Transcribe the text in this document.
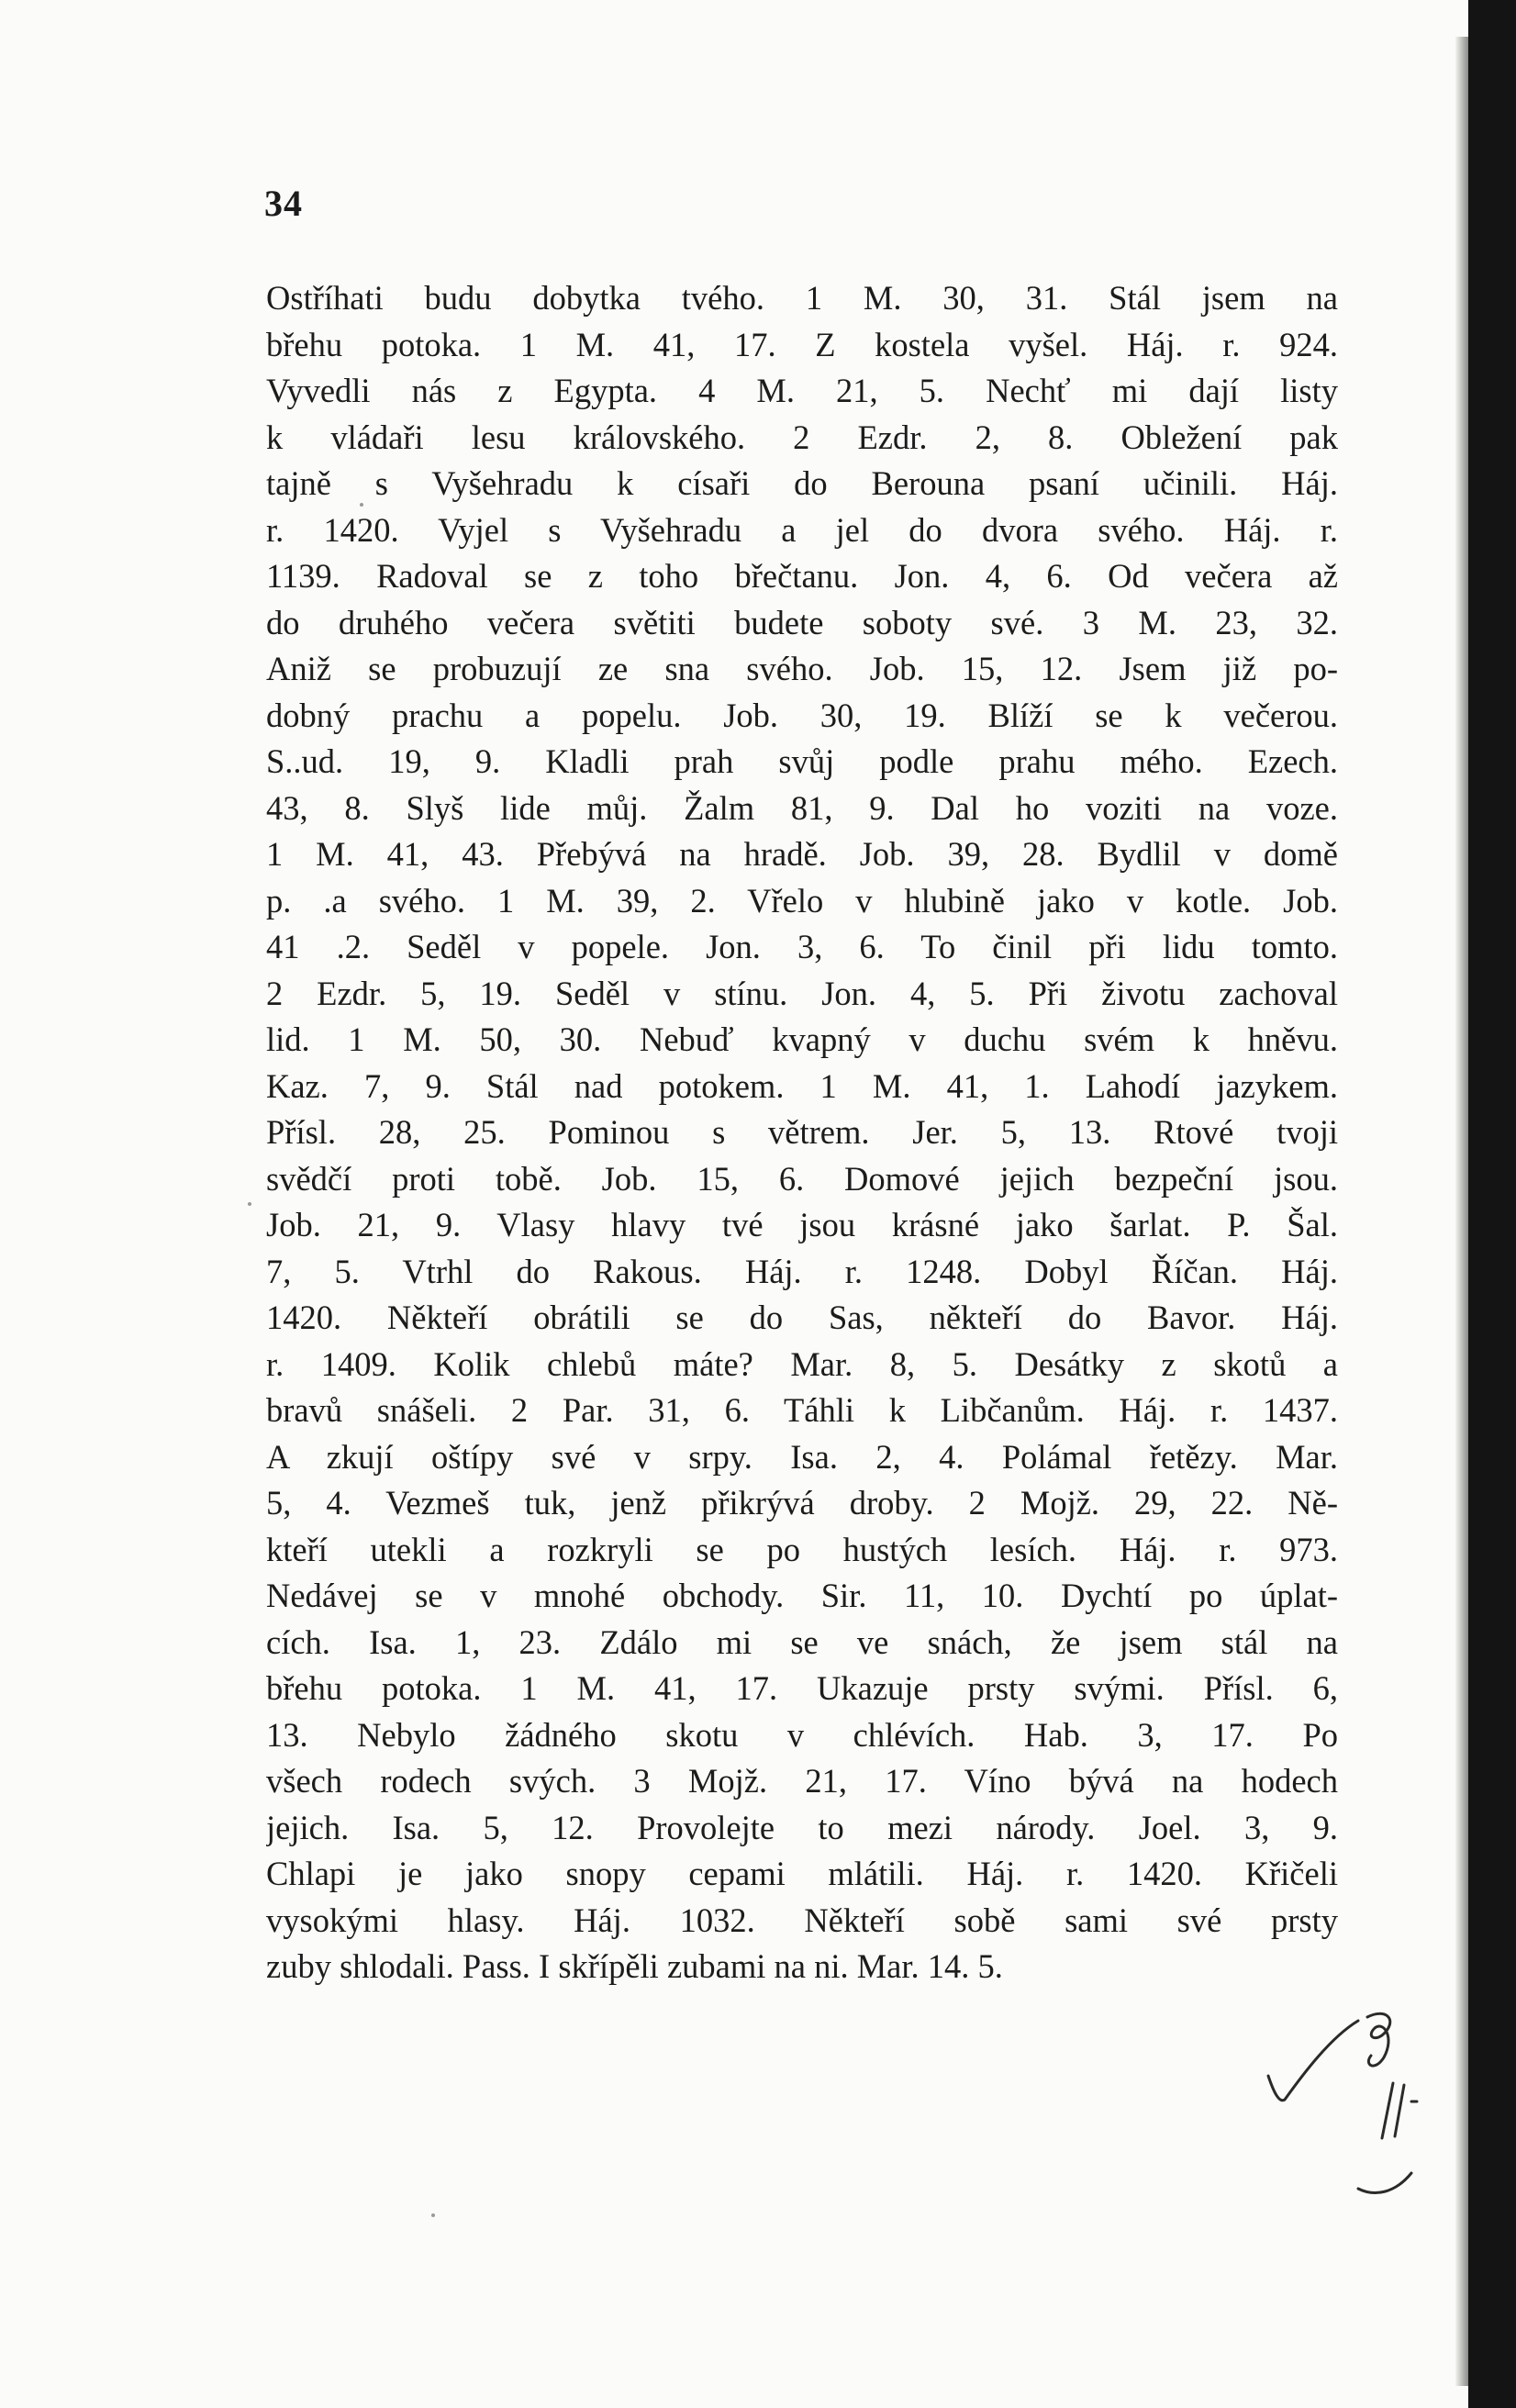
34
Ostříhati budu dobytka tvého. 1 M. 30, 31. Stál jsem na
břehu potoka. 1 M. 41, 17. Z kostela vyšel. Háj. r. 924.
Vyvedli nás z Egypta. 4 M. 21, 5. Nechť mi dají listy
k vládaři lesu královského. 2 Ezdr. 2, 8. Obležení pak
tajně s Vyšehradu k císaři do Berouna psaní učinili. Háj.
r. 1420. Vyjel s Vyšehradu a jel do dvora svého. Háj. r.
1139. Radoval se z toho břečtanu. Jon. 4, 6. Od večera až
do druhého večera světiti budete soboty své. 3 M. 23, 32.
Aniž se probuzují ze sna svého. Job. 15, 12. Jsem již po-
dobný prachu a popelu. Job. 30, 19. Blíží se k večerou.
S..ud. 19, 9. Kladli prah svůj podle prahu mého. Ezech.
43, 8. Slyš lide můj. Žalm 81, 9. Dal ho voziti na voze.
1 M. 41, 43. Přebývá na hradě. Job. 39, 28. Bydlil v domě
p. .a svého. 1 M. 39, 2. Vřelo v hlubině jako v kotle. Job.
41 .2. Seděl v popele. Jon. 3, 6. To činil při lidu tomto.
2 Ezdr. 5, 19. Seděl v stínu. Jon. 4, 5. Při životu zachoval
lid. 1 M. 50, 30. Nebuď kvapný v duchu svém k hněvu.
Kaz. 7, 9. Stál nad potokem. 1 M. 41, 1. Lahodí jazykem.
Přísl. 28, 25. Pominou s větrem. Jer. 5, 13. Rtové tvoji
svědčí proti tobě. Job. 15, 6. Domové jejich bezpeční jsou.
Job. 21, 9. Vlasy hlavy tvé jsou krásné jako šarlat. P. Šal.
7, 5. Vtrhl do Rakous. Háj. r. 1248. Dobyl Říčan. Háj.
1420. Někteří obrátili se do Sas, někteří do Bavor. Háj.
r. 1409. Kolik chlebů máte? Mar. 8, 5. Desátky z skotů a
bravů snášeli. 2 Par. 31, 6. Táhli k Libčanům. Háj. r. 1437.
A zkují oštípy své v srpy. Isa. 2, 4. Polámal řetězy. Mar.
5, 4. Vezmeš tuk, jenž přikrývá droby. 2 Mojž. 29, 22. Ně-
kteří utekli a rozkryli se po hustých lesích. Háj. r. 973.
Nedávej se v mnohé obchody. Sir. 11, 10. Dychtí po úplat-
cích. Isa. 1, 23. Zdálo mi se ve snách, že jsem stál na
břehu potoka. 1 M. 41, 17. Ukazuje prsty svými. Přísl. 6,
13. Nebylo žádného skotu v chlévích. Hab. 3, 17. Po
všech rodech svých. 3 Mojž. 21, 17. Víno bývá na hodech
jejich. Isa. 5, 12. Provolejte to mezi národy. Joel. 3, 9.
Chlapi je jako snopy cepami mlátili. Háj. r. 1420. Křičeli
vysokými hlasy. Háj. 1032. Někteří sobě sami své prsty
zuby shlodali. Pass. I skřípěli zubami na ni. Mar. 14. 5.
